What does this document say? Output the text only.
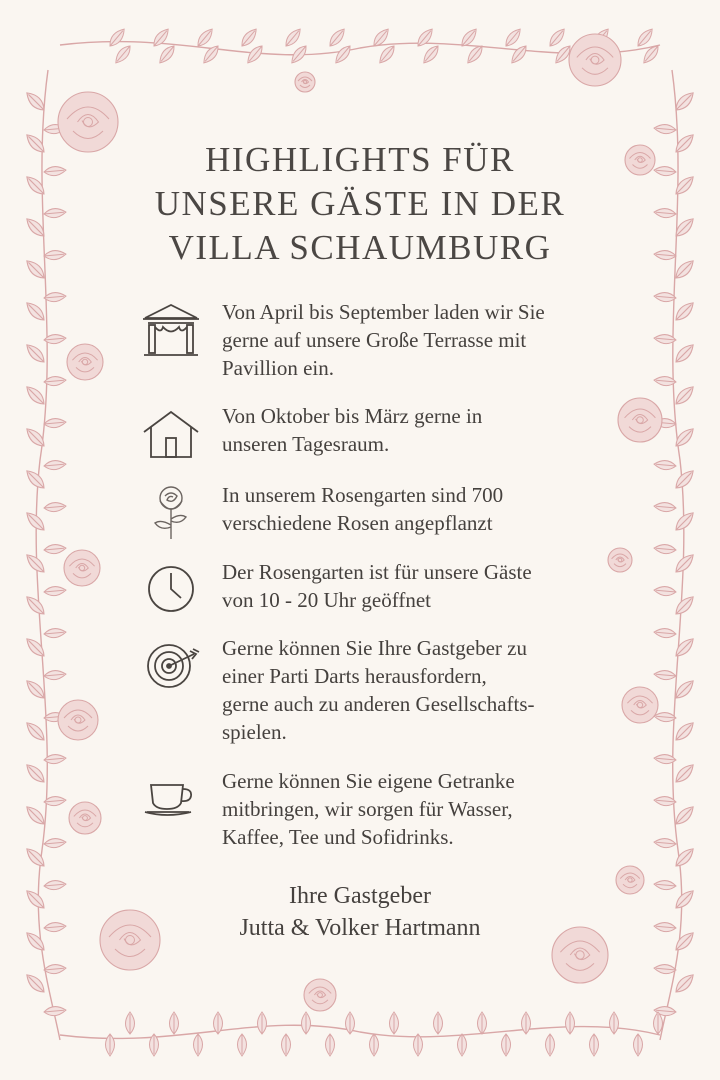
HIGHLIGHTS FÜR
UNSERE GÄSTE IN DER
VILLA SCHAUMBURG
Von April bis September laden wir Sie
gerne auf unsere Große Terrasse mit
Pavillion ein.
Von Oktober bis März gerne in
unseren Tagesraum.
In unserem Rosengarten sind 700
verschiedene Rosen angepflanzt
Der Rosengarten ist für unsere Gäste
von 10 - 20 Uhr geöffnet
Gerne können Sie Ihre Gastgeber zu
einer Parti Darts herausfordern,
gerne auch zu anderen Gesellschafts-
spielen.
Gerne können Sie eigene Getranke
mitbringen, wir sorgen für Wasser,
Kaffee, Tee und Sofidrinks.
Ihre Gastgeber
Jutta & Volker Hartmann
